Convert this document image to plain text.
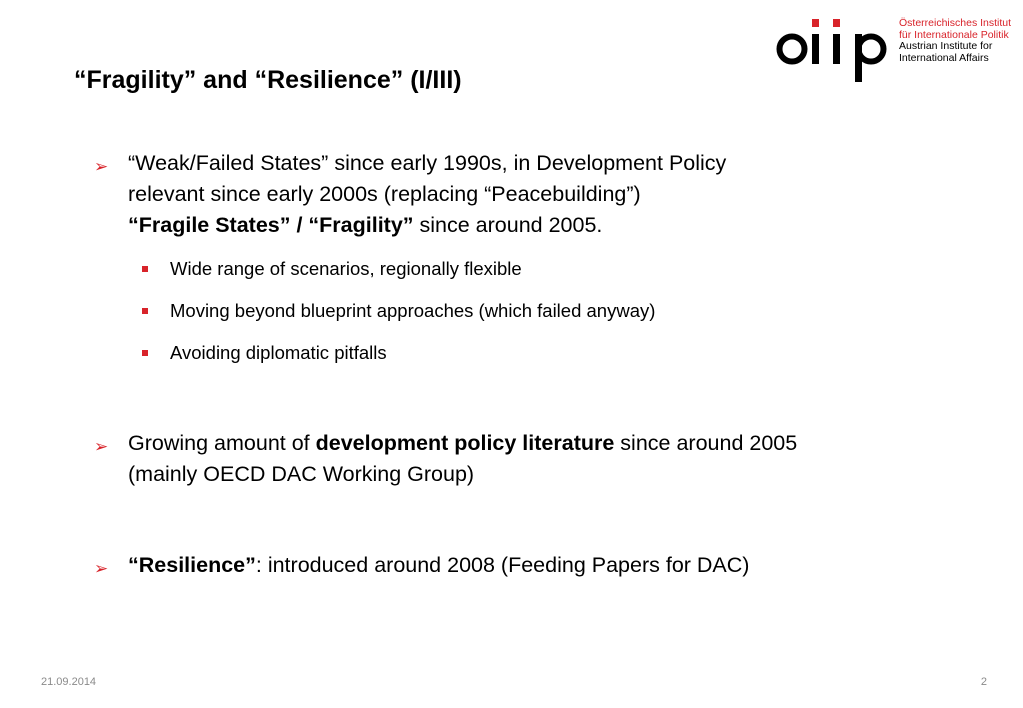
“Fragility” and “Resilience” (I/III)
Österreichisches Institut
für Internationale Politik
Austrian Institute for
International Affairs
➢ “Weak/Failed States” since early 1990s, in Development Policy
relevant since early 2000s (replacing “Peacebuilding”)
“Fragile States” / “Fragility” since around 2005.
Wide range of scenarios, regionally flexible
Moving beyond blueprint approaches (which failed anyway)
Avoiding diplomatic pitfalls
➢ Growing amount of development policy literature since around 2005
(mainly OECD DAC Working Group)
➢ “Resilience”: introduced around 2008 (Feeding Papers for DAC)
21.09.2014	2
